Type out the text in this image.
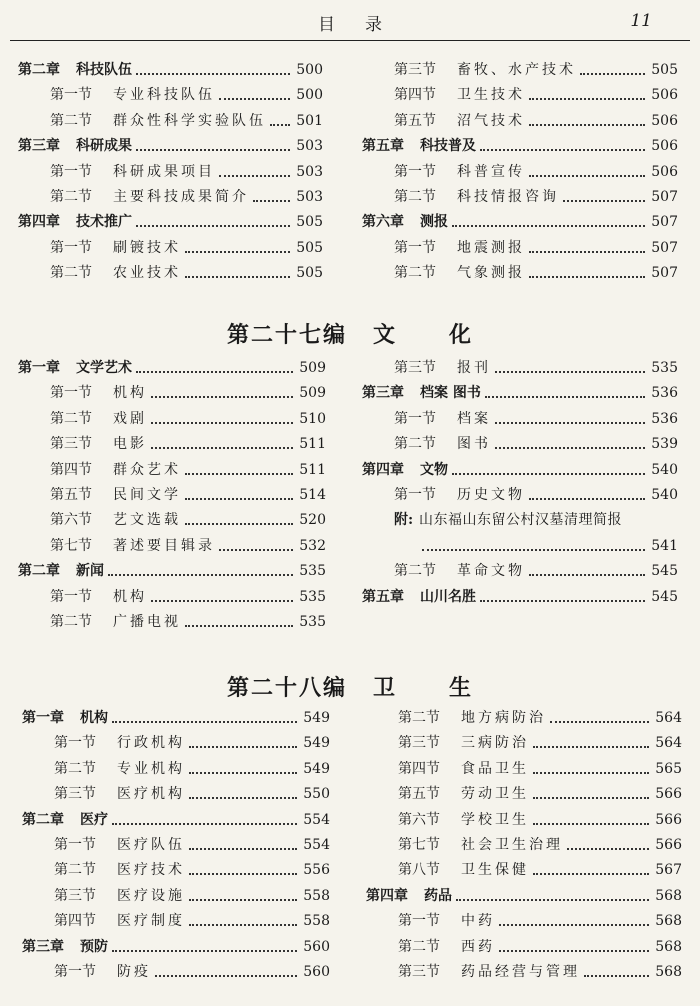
目录	11
第二章 科技队伍	500
第一节 专业科技队伍	500
第二节 群众性科学实验队伍 501
第三章 科研成果	503
第一节 科研成果项目	503
第二节 主要科技成果简介	503
第四章 技术推广	505
第一节 刷镀技术	505
第二节 农业技术	505
第三节 畜牧、水产技术	505
第四节 卫生技术	506
第五节 沼气技术	506
第五章 科技普及	506
第一节 科普宣传	506
第二节 科技情报咨询	507
第六章 测报	507
第一节 地震测报	507
第二节 气象测报	507
第二十七编 文 化
第一章 文学艺术	509
第一节 机构	509
第二节 戏剧	510
第三节 电影	511
第四节 群众艺术	511
第五节 民间文学	514
第六节 艺文选载	520
第七节 著述要目辑录	532
第二章 新闻	535
第一节 机构	535
第二节 广播电视	535
第三节 报刊	535
第三章 档案 图书	536
第一节 档案	536
第二节 图书	539
第四章 文物	540
第一节 历史文物	540
附: 山东福山东留公村汉墓清理简报
541
第二节 革命文物	545
第五章 山川名胜	545
第二十八编 卫 生
第一章 机构	549
第一节 行政机构	549
第二节 专业机构	549
第三节 医疗机构	550
第二章 医疗	554
第一节 医疗队伍	554
第二节 医疗技术	556
第三节 医疗设施	558
第四节 医疗制度	558
第三章 预防	560
第一节 防疫	560
第二节 地方病防治	564
第三节 三病防治	564
第四节 食品卫生	565
第五节 劳动卫生	566
第六节 学校卫生	566
第七节 社会卫生治理	566
第八节 卫生保健	567
第四章 药品	568
第一节 中药	568
第二节 西药	568
第三节 药品经营与管理	568
